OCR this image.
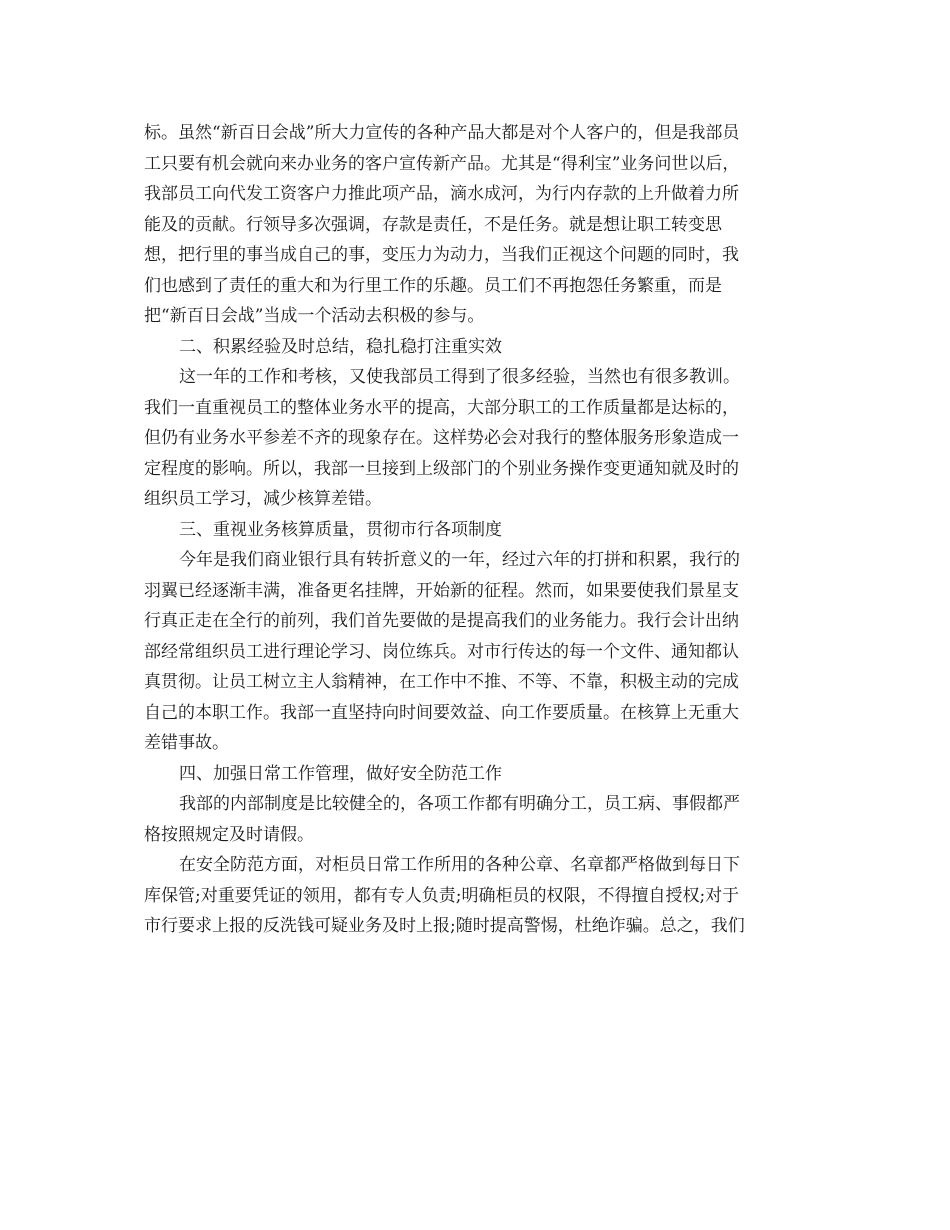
标。虽然“新百日会战”所大力宣传的各种产品大都是对个人客户的，但是我部员
工只要有机会就向来办业务的客户宣传新产品。尤其是“得利宝”业务问世以后，
我部员工向代发工资客户力推此项产品，滴水成河，为行内存款的上升做着力所
能及的贡献。行领导多次强调，存款是责任，不是任务。就是想让职工转变思
想，把行里的事当成自己的事，变压力为动力，当我们正视这个问题的同时，我
们也感到了责任的重大和为行里工作的乐趣。员工们不再抱怨任务繁重，而是
把“新百日会战”当成一个活动去积极的参与。
二、积累经验及时总结，稳扎稳打注重实效
这一年的工作和考核，又使我部员工得到了很多经验，当然也有很多教训。
我们一直重视员工的整体业务水平的提高，大部分职工的工作质量都是达标的，
但仍有业务水平参差不齐的现象存在。这样势必会对我行的整体服务形象造成一
定程度的影响。所以，我部一旦接到上级部门的个别业务操作变更通知就及时的
组织员工学习，减少核算差错。
三、重视业务核算质量，贯彻市行各项制度
今年是我们商业银行具有转折意义的一年，经过六年的打拼和积累，我行的
羽翼已经逐渐丰满，准备更名挂牌，开始新的征程。然而，如果要使我们景星支
行真正走在全行的前列，我们首先要做的是提高我们的业务能力。我行会计出纳
部经常组织员工进行理论学习、岗位练兵。对市行传达的每一个文件、通知都认
真贯彻。让员工树立主人翁精神，在工作中不推、不等、不靠，积极主动的完成
自己的本职工作。我部一直坚持向时间要效益、向工作要质量。在核算上无重大
差错事故。
四、加强日常工作管理，做好安全防范工作
我部的内部制度是比较健全的，各项工作都有明确分工，员工病、事假都严
格按照规定及时请假。
在安全防范方面，对柜员日常工作所用的各种公章、名章都严格做到每日下
库保管;对重要凭证的领用，都有专人负责;明确柜员的权限，不得擅自授权;对于
市行要求上报的反洗钱可疑业务及时上报;随时提高警惕，杜绝诈骗。总之，我们
